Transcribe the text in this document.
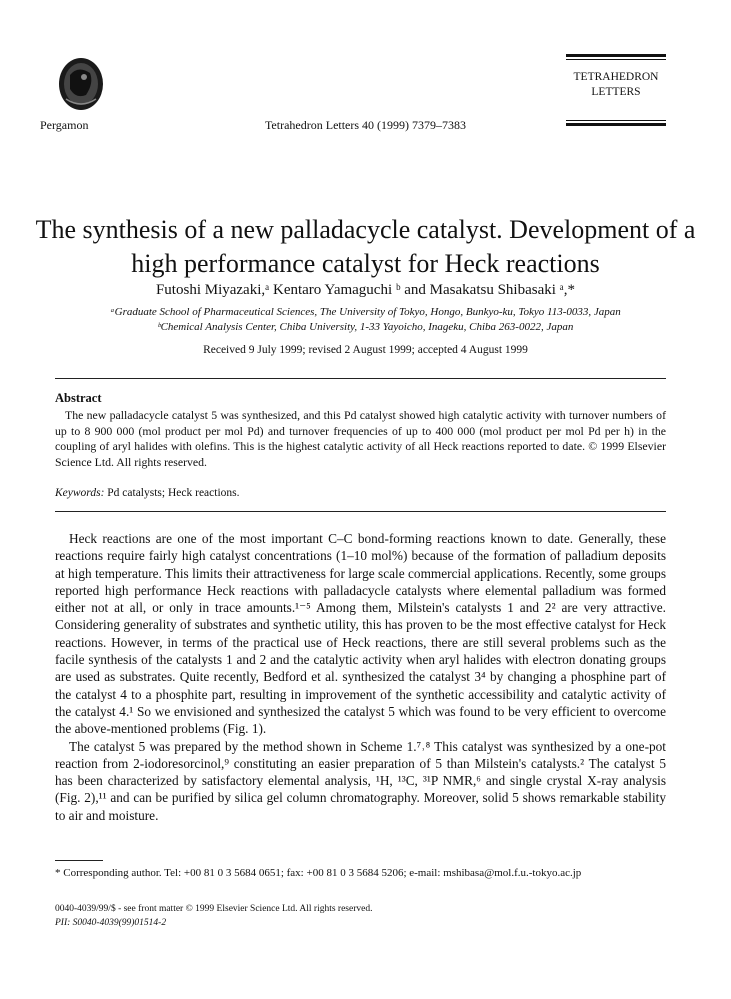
Pergamon	Tetrahedron Letters 40 (1999) 7379–7383
TETRAHEDRON
LETTERS
The synthesis of a new palladacycle catalyst. Development of a
high performance catalyst for Heck reactions
Futoshi Miyazaki,ᵃ Kentaro Yamaguchi ᵇ and Masakatsu Shibasaki ᵃ,*
ᵃGraduate School of Pharmaceutical Sciences, The University of Tokyo, Hongo, Bunkyo-ku, Tokyo 113-0033, Japan
ᵇChemical Analysis Center, Chiba University, 1-33 Yayoicho, Inageku, Chiba 263-0022, Japan
Received 9 July 1999; revised 2 August 1999; accepted 4 August 1999
Abstract
The new palladacycle catalyst 5 was synthesized, and this Pd catalyst showed high catalytic activity with turnover numbers of up to 8 900 000 (mol product per mol Pd) and turnover frequencies of up to 400 000 (mol product per mol Pd per h) in the coupling of aryl halides with olefins. This is the highest catalytic activity of all Heck reactions reported to date. © 1999 Elsevier Science Ltd. All rights reserved.
Keywords: Pd catalysts; Heck reactions.

Heck reactions are one of the most important C–C bond-forming reactions known to date. Generally, these reactions require fairly high catalyst concentrations (1–10 mol%) because of the formation of palladium deposits at high temperature. This limits their attractiveness for large scale commercial applications. Recently, some groups reported high performance Heck reactions with palladacycle catalysts where elemental palladium was formed either not at all, or only in trace amounts.¹⁻⁵ Among them, Milstein's catalysts 1 and 2² are very attractive. Considering generality of substrates and synthetic utility, this has proven to be the most effective catalyst for Heck reactions. However, in terms of the practical use of Heck reactions, there are still several problems such as the facile synthesis of the catalysts 1 and 2 and the catalytic activity when aryl halides with electron donating groups are used as substrates. Quite recently, Bedford et al. synthesized the catalyst 3⁴ by changing a phosphine part of the catalyst 4 to a phosphite part, resulting in improvement of the synthetic accessibility and catalytic activity of the catalyst 4.¹ So we envisioned and synthesized the catalyst 5 which was found to be very efficient to overcome the above-mentioned problems (Fig. 1).

The catalyst 5 was prepared by the method shown in Scheme 1.⁷˒⁸ This catalyst was synthesized by a one-pot reaction from 2-iodoresorcinol,⁹ constituting an easier preparation of 5 than Milstein's catalysts.² The catalyst 5 has been characterized by satisfactory elemental analysis, ¹H, ¹³C, ³¹P NMR,⁶ and single crystal X-ray analysis (Fig. 2),¹¹ and can be purified by silica gel column chromatography. Moreover, solid 5 shows remarkable stability to air and moisture.

* Corresponding author. Tel: +00 81 0 3 5684 0651; fax: +00 81 0 3 5684 5206; e-mail: mshibasa@mol.f.u.-tokyo.ac.jp
0040-4039/99/$ - see front matter © 1999 Elsevier Science Ltd. All rights reserved.
PII: S0040-4039(99)01514-2
